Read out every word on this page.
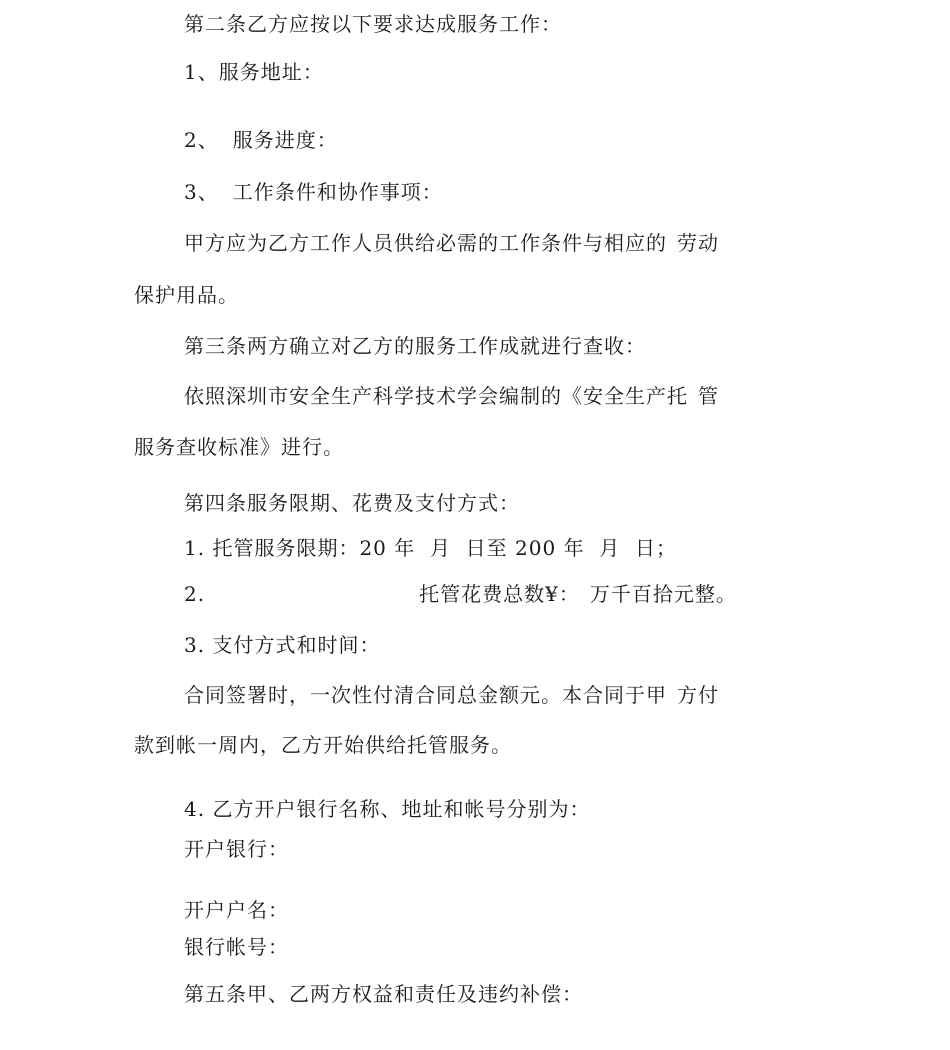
第二条乙方应按以下要求达成服务工作：
1、服务地址：
2、 服务进度：
3、 工作条件和协作事项：
甲方应为乙方工作人员供给必需的工作条件与相应的 劳动
保护用品。
第三条两方确立对乙方的服务工作成就进行查收：
依照深圳市安全生产科学技术学会编制的《安全生产托 管
服务查收标准》进行。
第四条服务限期、花费及支付方式：
1. 托管服务限期：20 年  月  日至 200 年  月  日；
2.	托管花费总数¥： 万千百拾元整。
3. 支付方式和时间：
合同签署时，一次性付清合同总金额元。本合同于甲 方付
款到帐一周内，乙方开始供给托管服务。
4. 乙方开户银行名称、地址和帐号分别为：
开户银行：
开户户名：
银行帐号：
第五条甲、乙两方权益和责任及违约补偿：
